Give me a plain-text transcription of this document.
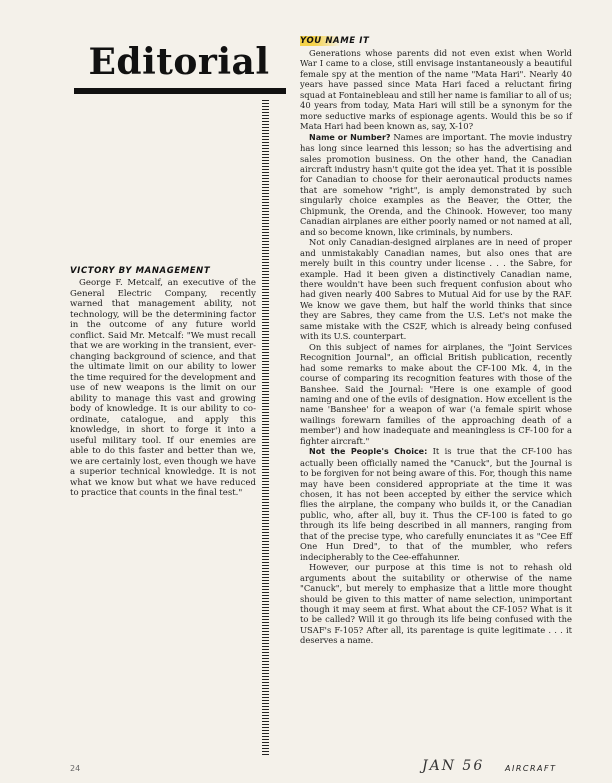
Editorial
VICTORY BY MANAGEMENT

George F. Metcalf, an executive of the General Electric Company, recently warned that management ability, not technology, will be the determining factor in the outcome of any future world conflict. Said Mr. Metcalf: "We must recall that we are working in the transient, ever-changing background of science, and that the ultimate limit on our ability to lower the time required for the development and use of new weapons is the limit on our ability to manage this vast and growing body of knowledge. It is our ability to co-ordinate, catalogue, and apply this knowledge, in short to forge it into a useful military tool. If our enemies are able to do this faster and better than we, we are certainly lost, even though we have a superior technical knowledge. It is not what we know but what we have reduced to practice that counts in the final test."

YOU NAME IT

Generations whose parents did not even exist when World War I came to a close, still envisage instantaneously a beautiful female spy at the mention of the name "Mata Hari". Nearly 40 years have passed since Mata Hari faced a reluctant firing squad at Fontainebleau and still her name is familiar to all of us; 40 years from today, Mata Hari will still be a synonym for the more seductive marks of espionage agents. Would this be so if Mata Hari had been known as, say, X-10?

Name or Number? Names are important. The movie industry has long since learned this lesson; so has the advertising and sales promotion business. On the other hand, the Canadian aircraft industry hasn't quite got the idea yet. That it is possible for Canadian to choose for their aeronautical products names that are somehow "right", is amply demonstrated by such singularly choice examples as the Beaver, the Otter, the Chipmunk, the Orenda, and the Chinook. However, too many Canadian airplanes are either poorly named or not named at all, and so become known, like criminals, by numbers.

Not only Canadian-designed airplanes are in need of proper and unmistakably Canadian names, but also ones that are merely built in this country under license . . . the Sabre, for example. Had it been given a distinctively Canadian name, there wouldn't have been such frequent confusion about who had given nearly 400 Sabres to Mutual Aid for use by the RAF. We know we gave them, but half the world thinks that since they are Sabres, they came from the U.S. Let's not make the same mistake with the CS2F, which is already being confused with its U.S. counterpart.

On this subject of names for airplanes, the "Joint Services Recognition Journal", an official British publication, recently had some remarks to make about the CF-100 Mk. 4, in the course of comparing its recognition features with those of the Banshee. Said the Journal: "Here is one example of good naming and one of the evils of designation. How excellent is the name 'Banshee' for a weapon of war ('a female spirit whose wailings forewarn families of the approaching death of a member') and how inadequate and meaningless is CF-100 for a fighter aircraft."

Not the People's Choice: It is true that the CF-100 has actually been officially named the "Canuck", but the Journal is to be forgiven for not being aware of this. For, though this name may have been considered appropriate at the time it was chosen, it has not been accepted by either the service which flies the airplane, the company who builds it, or the Canadian public, who, after all, buy it. Thus the CF-100 is fated to go through its life being described in all manners, ranging from that of the precise type, who carefully enunciates it as "Cee Eff One Hun Dred", to that of the mumbler, who refers indecipherably to the Cee-effahunner.

However, our purpose at this time is not to rehash old arguments about the suitability or otherwise of the name "Canuck", but merely to emphasize that a little more thought should be given to this matter of name selection, unimportant though it may seem at first. What about the CF-105? What is it to be called? Will it go through its life being confused with the USAF's F-105? After all, its parentage is quite legitimate . . . it deserves a name.

24	JAN 56	AIRCRAFT
